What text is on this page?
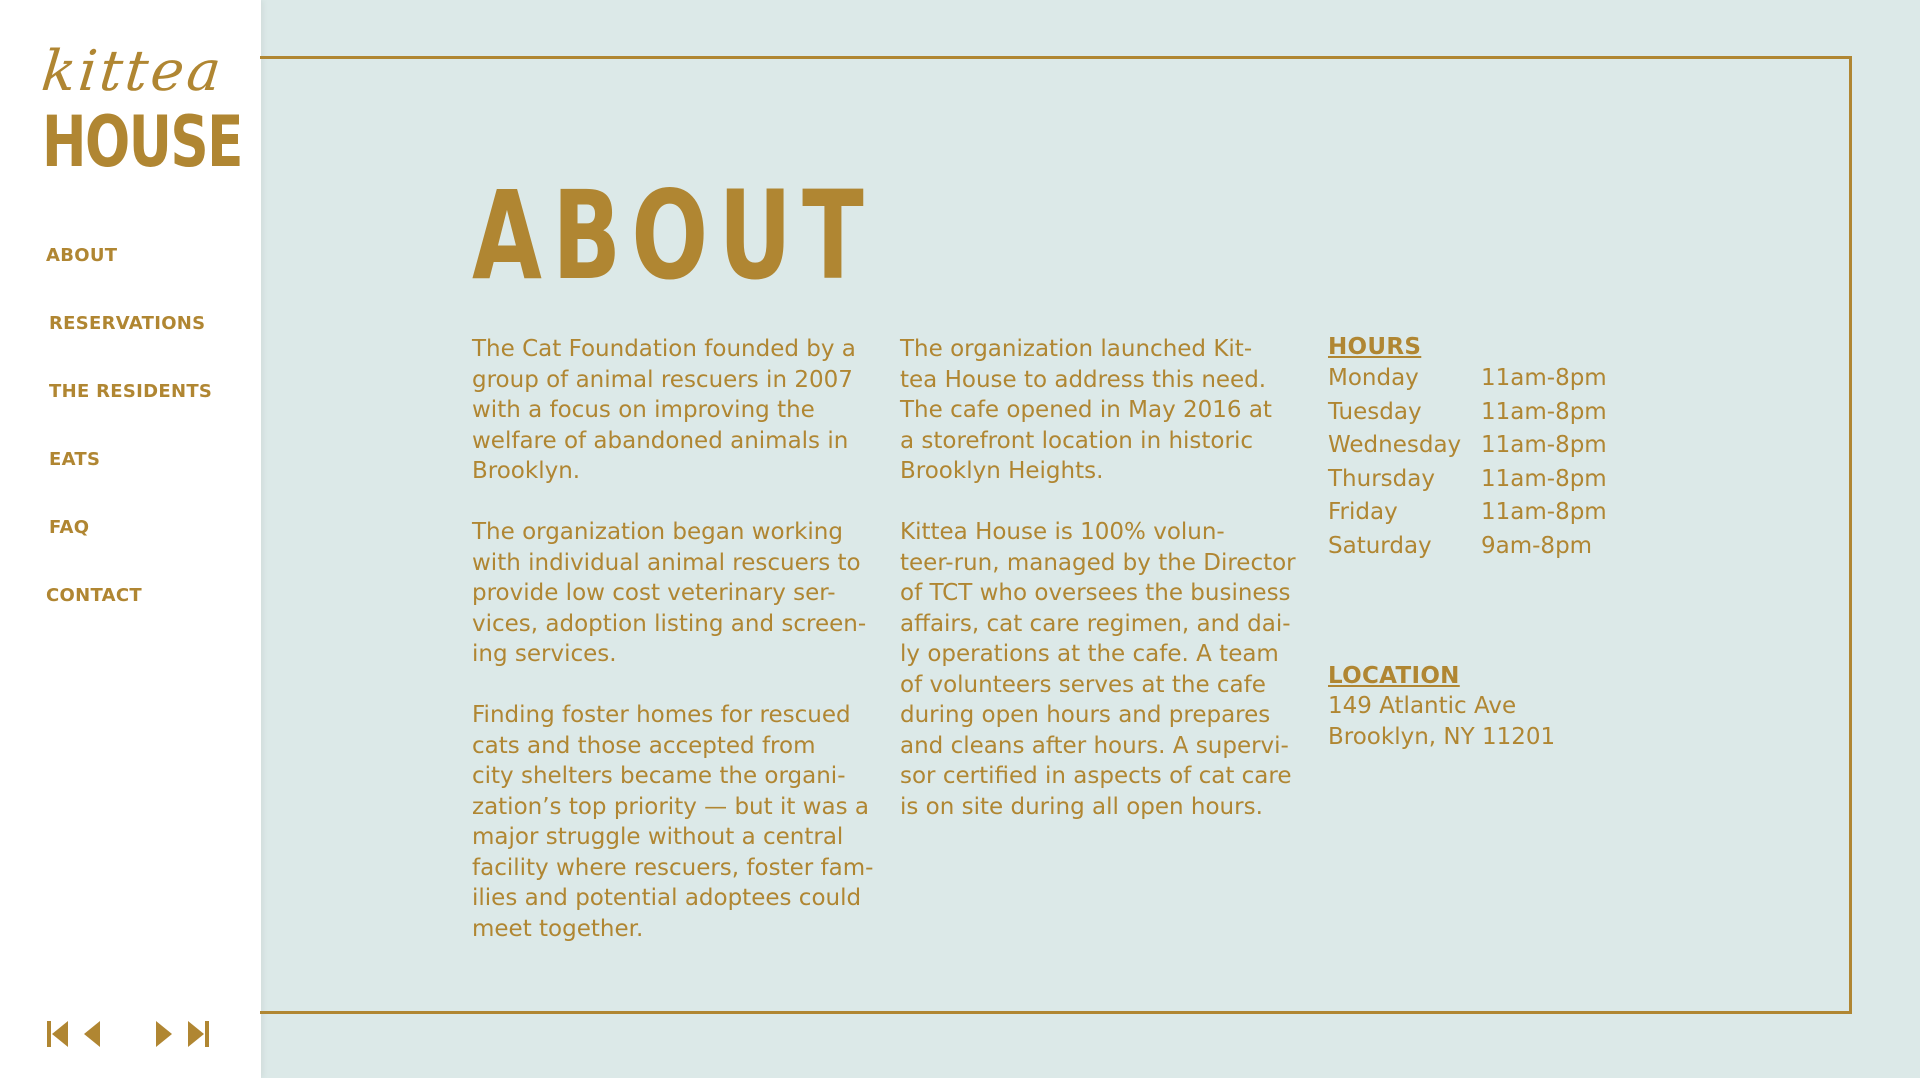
kittea
HOUSE
ABOUT
RESERVATIONS
THE RESIDENTS
EATS
FAQ
CONTACT
ABOUT

The Cat Foundation founded by a
group of animal rescuers in 2007
with a focus on improving the
welfare of abandoned animals in
Brooklyn.

The organization began working
with individual animal rescuers to
provide low cost veterinary ser-
vices, adoption listing and screen-
ing services.

Finding foster homes for rescued
cats and those accepted from
city shelters became the organi-
zation’s top priority — but it was a
major struggle without a central
facility where rescuers, foster fam-
ilies and potential adoptees could
meet together.

The organization launched Kit-
tea House to address this need.
The cafe opened in May 2016 at
a storefront location in historic
Brooklyn Heights.

Kittea House is 100% volun-
teer-run, managed by the Director
of TCT who oversees the business
affairs, cat care regimen, and dai-
ly operations at the cafe. A team
of volunteers serves at the cafe
during open hours and prepares
and cleans after hours. A supervi-
sor certified in aspects of cat care
is on site during all open hours.

HOURS
Monday	11am-8pm
Tuesday	11am-8pm
Wednesday 11am-8pm
Thursday	11am-8pm
Friday	11am-8pm
Saturday	9am-8pm
LOCATION
149 Atlantic Ave
Brooklyn, NY 11201
